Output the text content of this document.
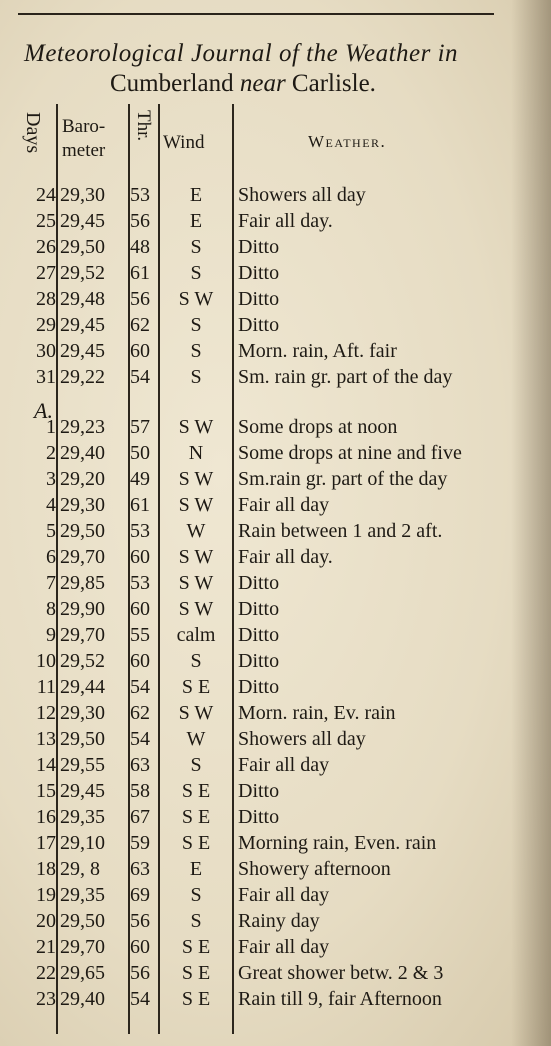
Meteorological Journal of the Weather in
Cumberland near Carlisle.
Days Baro-
meter
Thr.
Wind	Weather.
24 29,30 53	E	Showers all day
25 29,45 56	E	Fair all day.
26 29,50 48	S	Ditto
27 29,52 61	S	Ditto
28 29,48 56	S W	Ditto
29 29,45 62	S	Ditto
30 29,45 60	S	Morn. rain, Aft. fair
31 29,22 54	S	Sm. rain gr. part of the day
A.
1 29,23 57	S W	Some drops at noon
2 29,40 50	N	Some drops at nine and five
3 29,20 49	S W	Sm.rain gr. part of the day
4 29,30 61	S W	Fair all day
5 29,50 53	W	Rain between 1 and 2 aft.
6 29,70 60	S W	Fair all day.
7 29,85 53	S W	Ditto
8 29,90 60	S W	Ditto
9 29,70 55	calm	Ditto
10 29,52 60	S	Ditto
11 29,44 54	S E	Ditto
12 29,30 62	S W	Morn. rain, Ev. rain
13 29,50 54	W	Showers all day
14 29,55 63	S	Fair all day
15 29,45 58	S E	Ditto
16 29,35 67	S E	Ditto
17 29,10 59	S E	Morning rain, Even. rain
18 29, 8 63	E	Showery afternoon
19 29,35 69	S	Fair all day
20 29,50 56	S	Rainy day
21 29,70 60	S E	Fair all day
22 29,65 56	S E	Great shower betw. 2 & 3
23 29,40 54	S E	Rain till 9, fair Afternoon
